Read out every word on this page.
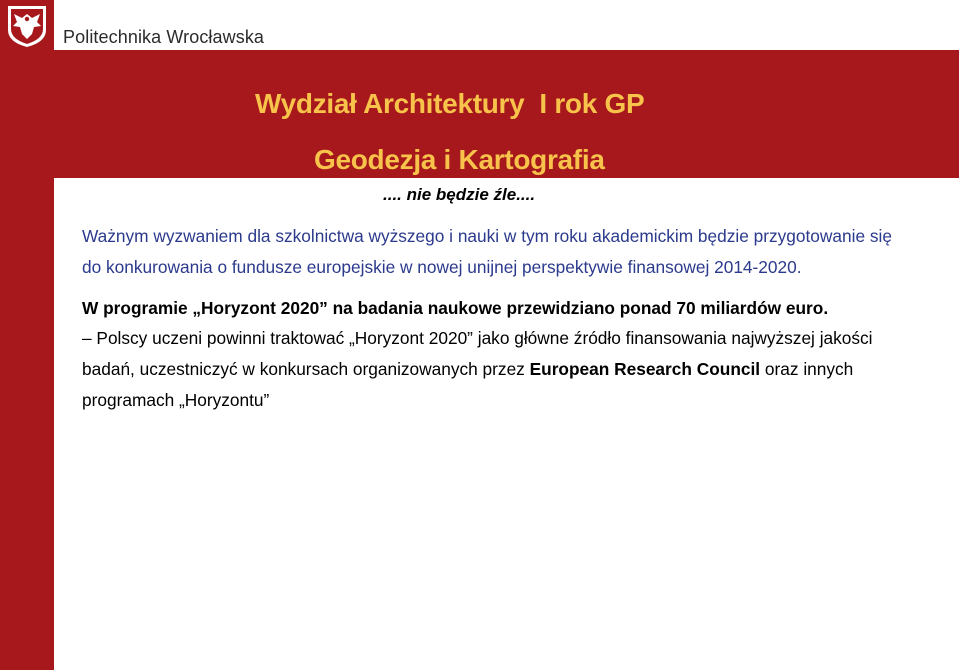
Politechnika Wrocławska
Wydział Architektury  I rok GP
Geodezja i Kartografia
.... nie będzie źle....

Ważnym wyzwaniem dla szkolnictwa wyższego i nauki w tym roku akademickim będzie przygotowanie się do konkurowania o fundusze europejskie w nowej unijnej perspektywie finansowej 2014-2020.

W programie „Horyzont 2020” na badania naukowe przewidziano ponad 70 miliardów euro.

– Polscy uczeni powinni traktować „Horyzont 2020” jako główne źródło finansowania najwyższej jakości badań, uczestniczyć w konkursach organizowanych przez European Research Council oraz innych programach „Horyzontu”
